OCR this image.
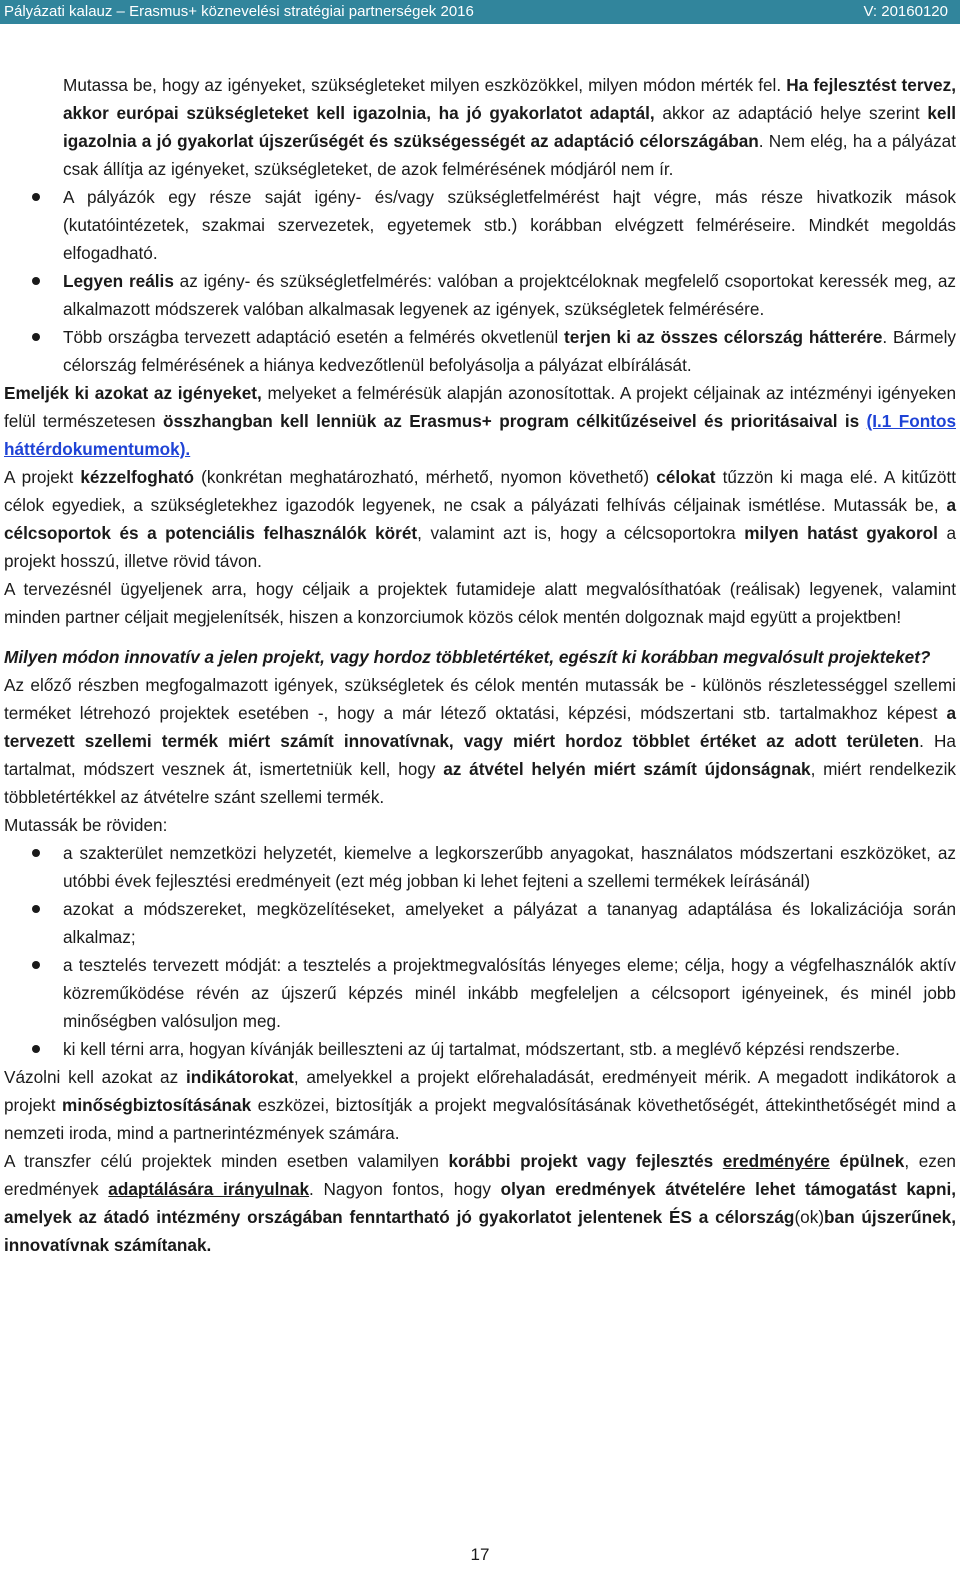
Pályázati kalauz – Erasmus+ köznevelési stratégiai partnerségek 2016	V: 20160120

Mutassa be, hogy az igényeket, szükségleteket milyen eszközökkel, milyen módon mérték fel. Ha fejlesztést tervez, akkor európai szükségleteket kell igazolnia, ha jó gyakorlatot adaptál, akkor az adaptáció helye szerint kell igazolnia a jó gyakorlat újszerűségét és szükségességét az adaptáció célországában. Nem elég, ha a pályázat csak állítja az igényeket, szükségleteket, de azok felmérésének módjáról nem ír.

A pályázók egy része saját igény- és/vagy szükségletfelmérést hajt végre, más része hivatkozik mások (kutatóintézetek, szakmai szervezetek, egyetemek stb.) korábban elvégzett felméréseire. Mindkét megoldás elfogadható.
Legyen reális az igény- és szükségletfelmérés: valóban a projektcéloknak megfelelő csoportokat keressék meg, az alkalmazott módszerek valóban alkalmasak legyenek az igények, szükségletek felmérésére.
Több országba tervezett adaptáció esetén a felmérés okvetlenül terjen ki az összes célország hátterére. Bármely célország felmérésének a hiánya kedvezőtlenül befolyásolja a pályázat elbírálását.

Emeljék ki azokat az igényeket, melyeket a felmérésük alapján azonosítottak. A projekt céljainak az intézményi igényeken felül természetesen összhangban kell lenniük az Erasmus+ program célkitűzéseivel és prioritásaival is (I.1 Fontos háttérdokumentumok).

A projekt kézzelfogható (konkrétan meghatározható, mérhető, nyomon követhető) célokat tűzzön ki maga elé. A kitűzött célok egyediek, a szükségletekhez igazodók legyenek, ne csak a pályázati felhívás céljainak ismétlése. Mutassák be, a célcsoportok és a potenciális felhasználók körét, valamint azt is, hogy a célcsoportokra milyen hatást gyakorol a projekt hosszú, illetve rövid távon.

A tervezésnél ügyeljenek arra, hogy céljaik a projektek futamideje alatt megvalósíthatóak (reálisak) legyenek, valamint minden partner céljait megjelenítsék, hiszen a konzorciumok közös célok mentén dolgoznak majd együtt a projektben!

Milyen módon innovatív a jelen projekt, vagy hordoz többletértéket, egészít ki korábban megvalósult projekteket?

Az előző részben megfogalmazott igények, szükségletek és célok mentén mutassák be - különös részletességgel szellemi terméket létrehozó projektek esetében -, hogy a már létező oktatási, képzési, módszertani stb. tartalmakhoz képest a tervezett szellemi termék miért számít innovatívnak, vagy miért hordoz többlet értéket az adott területen. Ha tartalmat, módszert vesznek át, ismertetniük kell, hogy az átvétel helyén miért számít újdonságnak, miért rendelkezik többletértékkel az átvételre szánt szellemi termék.

Mutassák be röviden:

a szakterület nemzetközi helyzetét, kiemelve a legkorszerűbb anyagokat, használatos módszertani eszközöket, az utóbbi évek fejlesztési eredményeit (ezt még jobban ki lehet fejteni a szellemi termékek leírásánál)
azokat a módszereket, megközelítéseket, amelyeket a pályázat a tananyag adaptálása és lokalizációja során alkalmaz;
a tesztelés tervezett módját: a tesztelés a projektmegvalósítás lényeges eleme; célja, hogy a végfelhasználók aktív közreműködése révén az újszerű képzés minél inkább megfeleljen a célcsoport igényeinek, és minél jobb minőségben valósuljon meg.
ki kell térni arra, hogyan kívánják beilleszteni az új tartalmat, módszertant, stb. a meglévő képzési rendszerbe.

Vázolni kell azokat az indikátorokat, amelyekkel a projekt előrehaladását, eredményeit mérik. A megadott indikátorok a projekt minőségbiztosításának eszközei, biztosítják a projekt megvalósításának követhetőségét, áttekinthetőségét mind a nemzeti iroda, mind a partnerintézmények számára.

A transzfer célú projektek minden esetben valamilyen korábbi projekt vagy fejlesztés eredményére épülnek, ezen eredmények adaptálására irányulnak. Nagyon fontos, hogy olyan eredmények átvételére lehet támogatást kapni, amelyek az átadó intézmény országában fenntartható jó gyakorlatot jelentenek ÉS a célország(ok)ban újszerűnek, innovatívnak számítanak.

17
